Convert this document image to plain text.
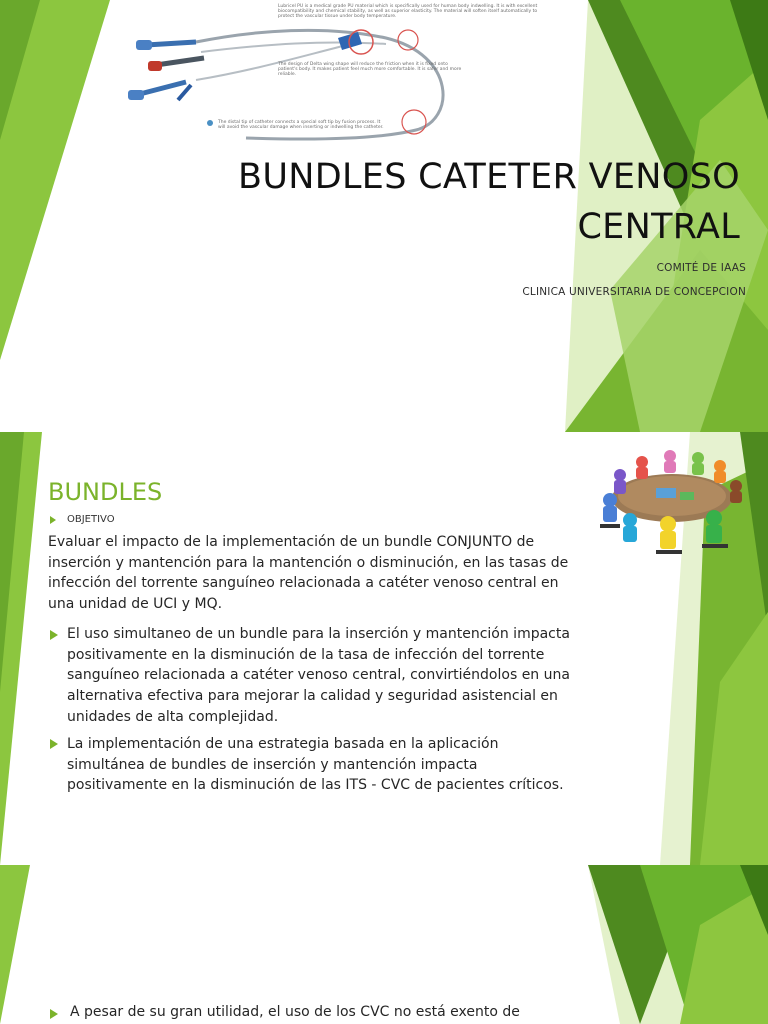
Lubricel PU is a medical grade PU material which is specifically used for human body indwelling. It is with excellent biocompatibility and chemical stability, as well as superior elasticity. The material will soften itself automatically to protect the vascular tissue under body temperature.
The design of Delta wing shape will reduce the friction when it is fixed onto patient's body. It makes patient feel much more comfortable. It is safer and more reliable.
The distal tip of catheter connects a special soft tip by fusion process. It will avoid the vascular damage when inserting or indwelling the catheter.
BUNDLES CATETER VENOSO CENTRAL
COMITÉ DE IAAS
CLINICA UNIVERSITARIA DE CONCEPCION
BUNDLES
OBJETIVO

Evaluar el impacto de la implementación de un bundle CONJUNTO de inserción y mantención para la mantención o disminución, en las tasas de infección del torrente sanguíneo relacionada a catéter venoso central en una unidad de UCI y MQ.

El uso simultaneo de un bundle para la inserción y mantención impacta positivamente en la disminución de la tasa de infección del torrente sanguíneo relacionada a catéter venoso central, convirtiéndolos en una alternativa efectiva para mejorar la calidad y seguridad asistencial en unidades de alta complejidad.

La implementación de una estrategia basada en la aplicación simultánea de bundles de inserción y mantención impacta positivamente en la disminución de las ITS - CVC de pacientes críticos.

A pesar de su gran utilidad, el uso de los CVC no está exento de
